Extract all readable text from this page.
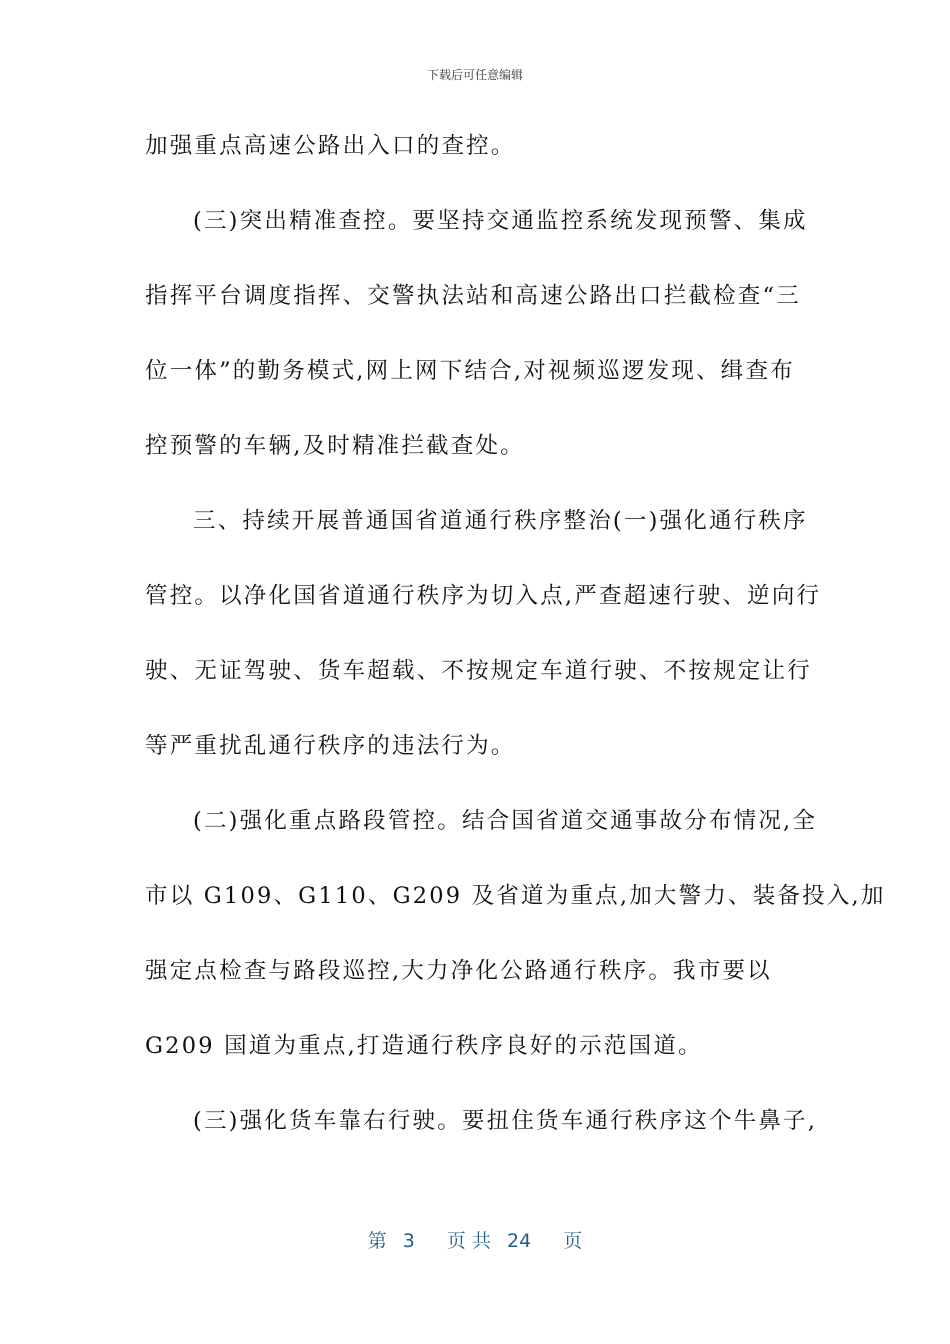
下载后可任意编辑
加强重点高速公路出入口的查控。
(三)突出精准查控。要坚持交通监控系统发现预警、集成
指挥平台调度指挥、交警执法站和高速公路出口拦截检查“三
位一体”的勤务模式,网上网下结合,对视频巡逻发现、缉查布
控预警的车辆,及时精准拦截查处。
三、持续开展普通国省道通行秩序整治(一)强化通行秩序
管控。以净化国省道通行秩序为切入点,严查超速行驶、逆向行
驶、无证驾驶、货车超载、不按规定车道行驶、不按规定让行
等严重扰乱通行秩序的违法行为。
(二)强化重点路段管控。结合国省道交通事故分布情况,全
市以 G109、G110、G209 及省道为重点,加大警力、装备投入,加
强定点检查与路段巡控,大力净化公路通行秩序。我市要以
G209 国道为重点,打造通行秩序良好的示范国道。
(三)强化货车靠右行驶。要扭住货车通行秩序这个牛鼻子,
第 3 页 共 24 页
